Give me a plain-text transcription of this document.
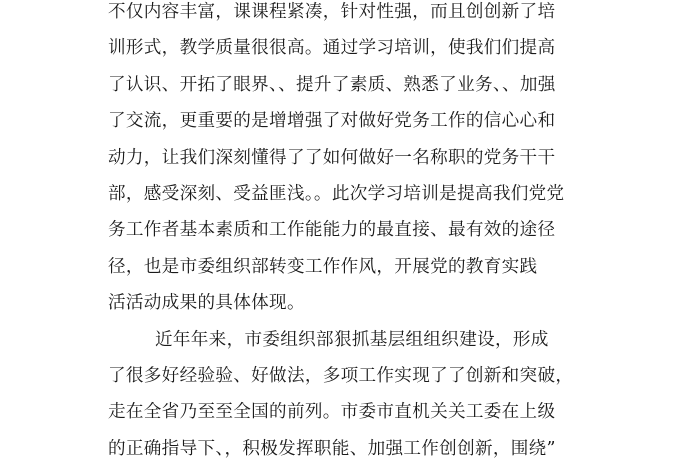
不仅内容丰富，课课程紧凑，针对性强，而且创创新了培
训形式，教学质量很很高。通过学习培训，使我们们提高
了认识、开拓了眼界、、提升了素质、熟悉了业务、、加强
了交流，更重要的是增增强了对做好党务工作的信心心和
动力，让我们深刻懂得了了如何做好一名称职的党务干干
部，感受深刻、受益匪浅。。此次学习培训是提高我们党党
务工作者基本素质和工作能能力的最直接、最有效的途径
径，也是市委组织部转变工作作风，开展党的教育实践
活活动成果的具体体现。
近年年来，市委组织部狠抓基层组组织建设，形成
了很多好经验验、好做法，多项工作实现了了创新和突破，
走在全省乃至至全国的前列。市委市直机关关工委在上级
的正确指导下、，积极发挥职能、加强工作创创新，围绕”
